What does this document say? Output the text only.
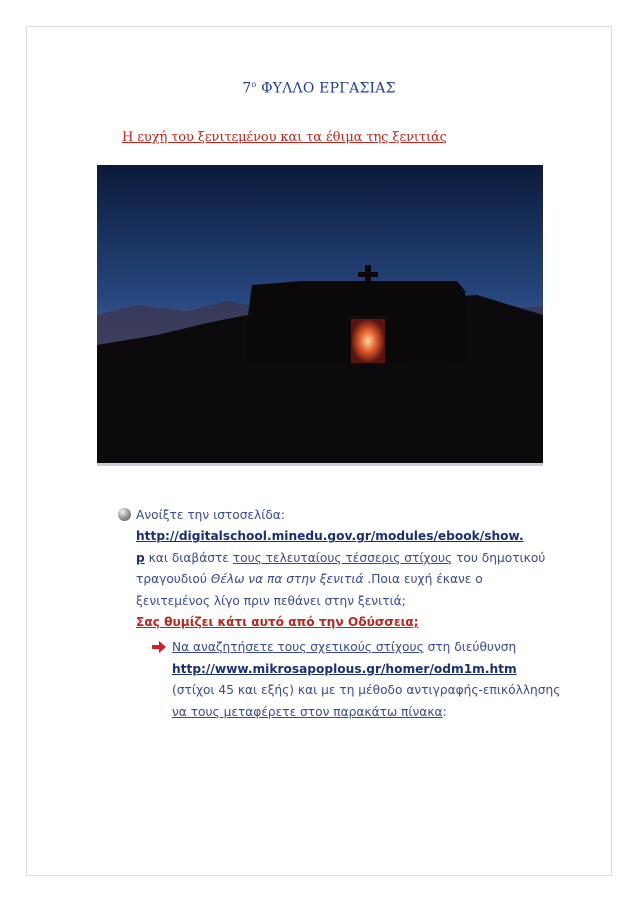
$7^o$ ΦΥΛΛΟ ΕΡΓΑΣΙΑΣ
Η ευχή του ξενιτεμένου και τα έθιμα της ξενιτιάς
Ανοίξτε την ιστοσελίδα:
http://digitalschool.minedu.gov.gr/modules/ebook/show.
p και διαβάστε τους τελευταίους τέσσερις στίχους του δημοτικού τραγουδιού Θέλω να πα στην ξενιτιά .Ποια ευχή έκανε ο ξενιτεμένος λίγο πριν πεθάνει στην ξενιτιά;
Σας θυμίζει κάτι αυτό από την Οδύσσεια;
Να αναζητήσετε τους σχετικούς στίχους στη διεύθυνση
http://www.mikrosapoplous.gr/homer/odm1m.htm
(στίχοι 45 και εξής) και με τη μέθοδο αντιγραφής-επικόλλησης να τους μεταφέρετε στον παρακάτω πίνακα:
